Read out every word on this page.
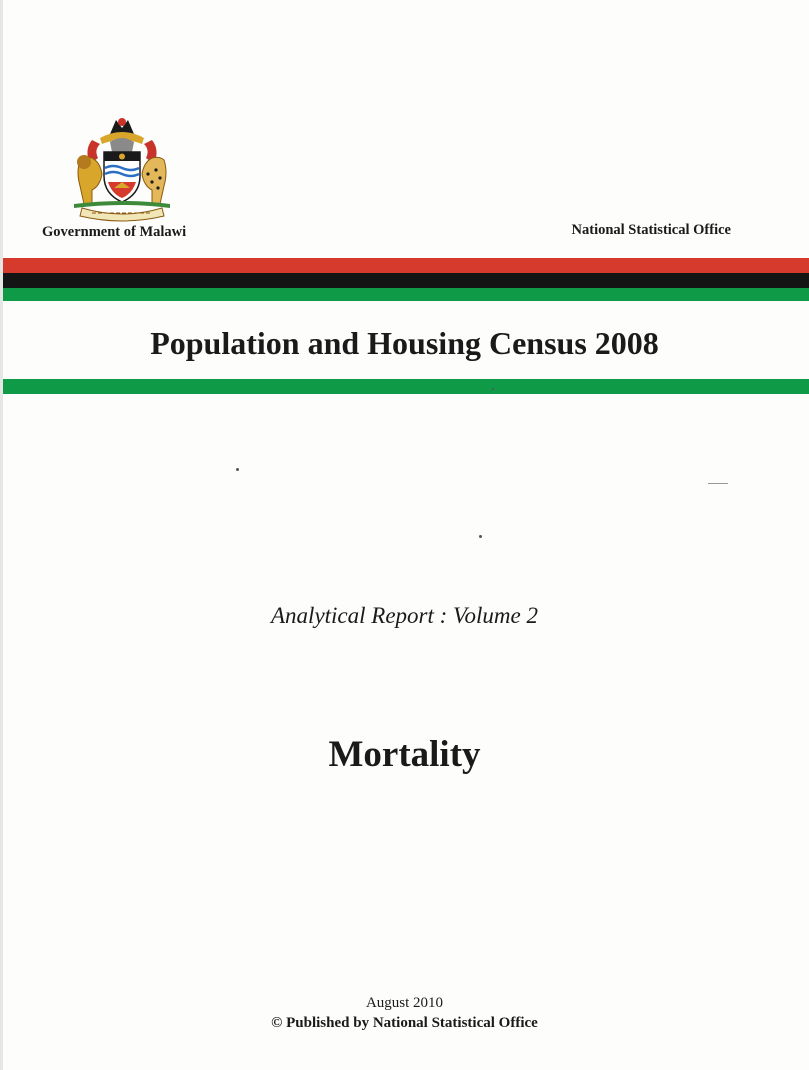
Government of Malawi	National Statistical Office
Population and Housing Census 2008
Analytical Report : Volume 2
Mortality
August 2010
© Published by National Statistical Office
